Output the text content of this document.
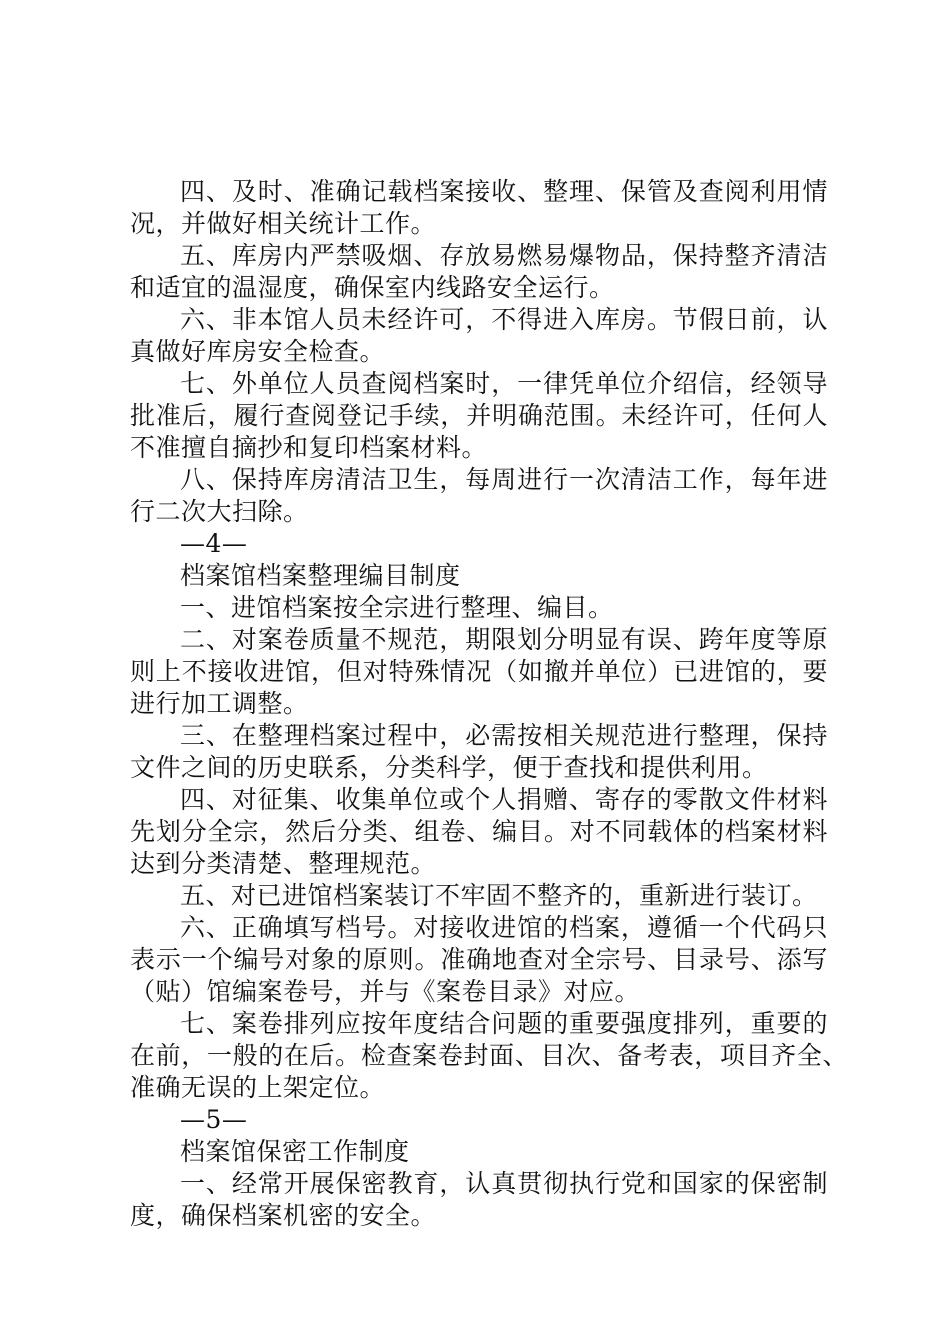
四、及时、准确记载档案接收、整理、保管及查阅利用情
况，并做好相关统计工作。
五、库房内严禁吸烟、存放易燃易爆物品，保持整齐清洁
和适宜的温湿度，确保室内线路安全运行。
六、非本馆人员未经许可，不得进入库房。节假日前，认
真做好库房安全检查。
七、外单位人员查阅档案时，一律凭单位介绍信，经领导
批准后，履行查阅登记手续，并明确范围。未经许可，任何人
不准擅自摘抄和复印档案材料。
八、保持库房清洁卫生，每周进行一次清洁工作，每年进
行二次大扫除。
—4—
档案馆档案整理编目制度
一、进馆档案按全宗进行整理、编目。
二、对案卷质量不规范，期限划分明显有误、跨年度等原
则上不接收进馆，但对特殊情况（如撤并单位）已进馆的，要
进行加工调整。
三、在整理档案过程中，必需按相关规范进行整理，保持
文件之间的历史联系，分类科学，便于查找和提供利用。
四、对征集、收集单位或个人捐赠、寄存的零散文件材料
先划分全宗，然后分类、组卷、编目。对不同载体的档案材料
达到分类清楚、整理规范。
五、对已进馆档案装订不牢固不整齐的，重新进行装订。
六、正确填写档号。对接收进馆的档案，遵循一个代码只
表示一个编号对象的原则。准确地查对全宗号、目录号、添写
（贴）馆编案卷号，并与《案卷目录》对应。
七、案卷排列应按年度结合问题的重要强度排列，重要的
在前，一般的在后。检查案卷封面、目次、备考表，项目齐全、
准确无误的上架定位。
—5—
档案馆保密工作制度
一、经常开展保密教育，认真贯彻执行党和国家的保密制
度，确保档案机密的安全。
